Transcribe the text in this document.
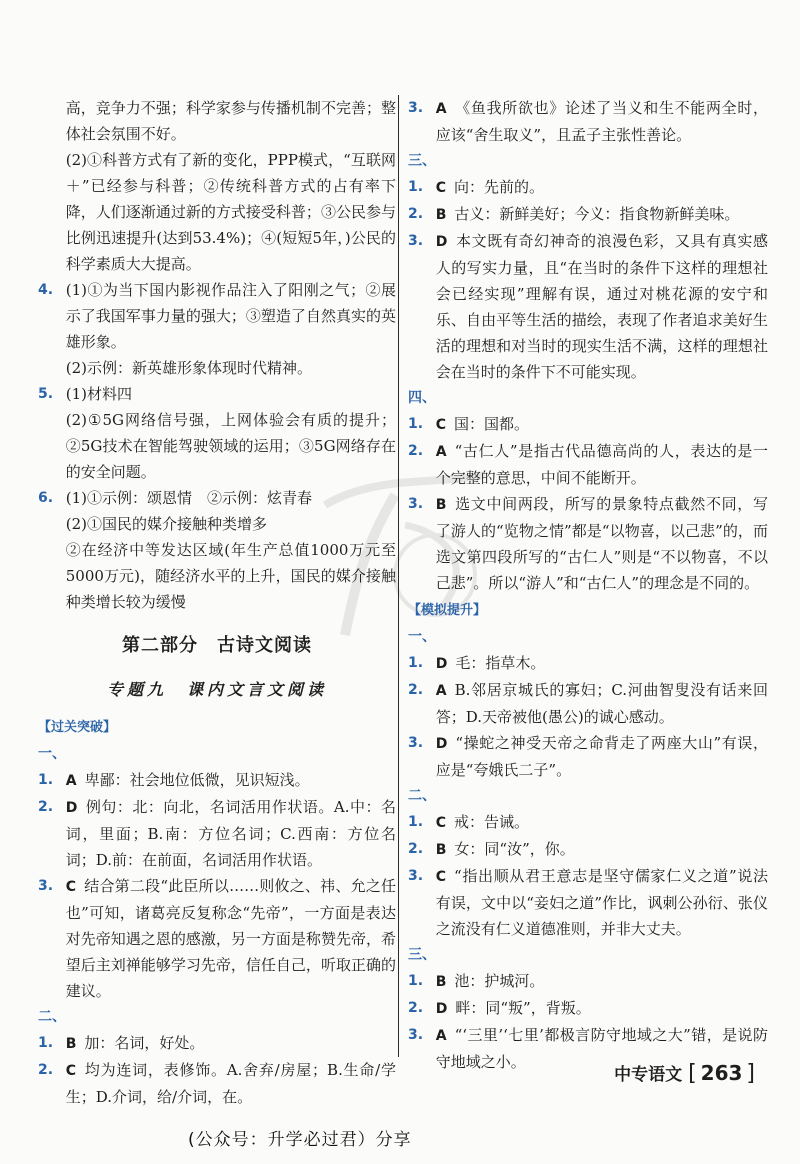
高，竞争力不强；科学家参与传播机制不完善；整体社会氛围不好。

(2)①科普方式有了新的变化，PPP模式，“互联网＋”已经参与科普；②传统科普方式的占有率下降，人们逐渐通过新的方式接受科普；③公民参与比例迅速提升(达到53.4%)；④(短短5年，)公民的科学素质大大提高。

4. (1)①为当下国内影视作品注入了阳刚之气；②展示了我国军事力量的强大；③塑造了自然真实的英雄形象。

(2)示例：新英雄形象体现时代精神。

5. (1)材料四

(2)①5G网络信号强，上网体验会有质的提升；②5G技术在智能驾驶领域的运用；③5G网络存在的安全问题。

6. (1)①示例：颂恩情　②示例：炫青春

(2)①国民的媒介接触种类增多

②在经济中等发达区域(年生产总值1000万元至5000万元)，随经济水平的上升，国民的媒介接触种类增长较为缓慢

第二部分　古诗文阅读
专题九　课内文言文阅读

【过关突破】

一、

1. A 卑鄙：社会地位低微，见识短浅。

2. D 例句：北：向北，名词活用作状语。A.中：名词，里面；B.南：方位名词；C.西南：方位名词；D.前：在前面，名词活用作状语。

3. C 结合第二段“此臣所以……则攸之、祎、允之任也”可知，诸葛亮反复称念“先帝”，一方面是表达对先帝知遇之恩的感激，另一方面是称赞先帝，希望后主刘禅能够学习先帝，信任自己，听取正确的建议。

二、

1. B 加：名词，好处。

2. C 均为连词，表修饰。A.舍弃/房屋；B.生命/学生；D.介词，给/介词，在。

3. A 《鱼我所欲也》论述了当义和生不能两全时，应该“舍生取义”，且孟子主张性善论。

三、

1. C 向：先前的。

2. B 古义：新鲜美好；今义：指食物新鲜美味。

3. D 本文既有奇幻神奇的浪漫色彩，又具有真实感人的写实力量，且“在当时的条件下这样的理想社会已经实现”理解有误，通过对桃花源的安宁和乐、自由平等生活的描绘，表现了作者追求美好生活的理想和对当时的现实生活不满，这样的理想社会在当时的条件下不可能实现。

四、

1. C 国：国都。

2. A “古仁人”是指古代品德高尚的人，表达的是一个完整的意思，中间不能断开。

3. B 选文中间两段，所写的景象特点截然不同，写了游人的“览物之情”都是“以物喜，以己悲”的，而选文第四段所写的“古仁人”则是“不以物喜，不以己悲”。所以“游人”和“古仁人”的理念是不同的。

【模拟提升】

一、

1. D 毛：指草木。

2. A B.邻居京城氏的寡妇；C.河曲智叟没有话来回答；D.天帝被他(愚公)的诚心感动。

3. D “操蛇之神受天帝之命背走了两座大山”有误，应是“夸娥氏二子”。

二、

1. C 戒：告诫。

2. B 女：同“汝”，你。

3. C “指出顺从君王意志是坚守儒家仁义之道”说法有误，文中以“妾妇之道”作比，讽刺公孙衍、张仪之流没有仁义道德准则，并非大丈夫。

三、

1. B 池：护城河。

2. D 畔：同“叛”，背叛。

3. A “‘三里’‘七里’都极言防守地域之大”错，是说防守地域之小。

中专语文 [ 263 ]
(公众号：升学必过君）分享
